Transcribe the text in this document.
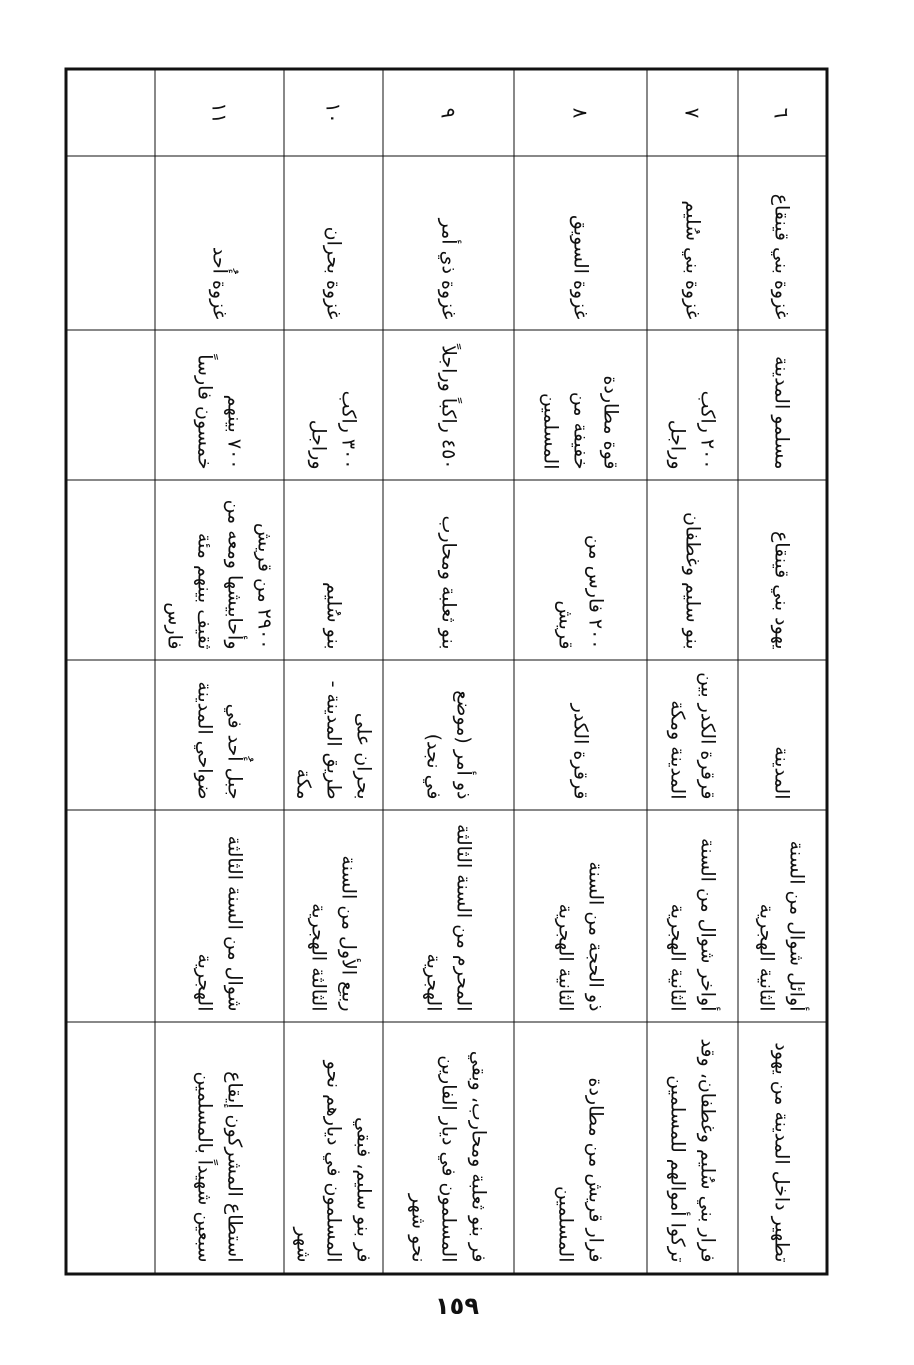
٦	غزوة بني قينقاع	مسلمو المدينة	يهود بني قينقاع	المدينة	أوائل شوال من السنة الثانية الهجرية	تطهير داخل المدينة من يهود
٧	غزوة بني سُليم	٢٠٠ راكب وراجل	بنو سليم وغطفان	قرقرة الكدر بين المدينة ومكة	أواخر شوال من السنة الثانية الهجرية	فرار بني سُليم وغطفان، وقد تركوا أموالهم للمسلمين
٨	غزوة السويق	قوة مطاردة خفيفة من المسلمين	٢٠٠ فارس من قريش	قرقرة الكدر	ذو الحجة من السنة الثانية الهجرية	فرار قريش من مطاردة المسلمين
٩	غزوة ذي أمر	٤٥٠ راكباً وراجلاً	بنو ثعلبة ومحارب	ذو أمر (موضع في نجد)	المحرم من السنة الثالثة الهجرية	فر بنو ثعلبة ومحارب، وبقي المسلمون في ديار الفارين نحو شهر
١٠	غزوة بحران	٣٠٠ راكب وراجل	بنو سُليم	بحران على طريق المدينة - مكة	ربيع الأول من السنة الثالثة الهجرية	فر بنو سليم، فبقي المسلمون في ديارهم نحو شهر
١١	غزوة أُحد	٧٠٠ بينهم خمسون فارساً	٢٩٠٠ من قريش وأحابيشها ومعه من ثقيف بينهم مئة فارس	جبل أُحد في ضواحي المدينة	شوال من السنة الثالثة الهجرية	استطاع المشركون إيقاع سبعين شهيداً بالمسلمين

١٥٩
